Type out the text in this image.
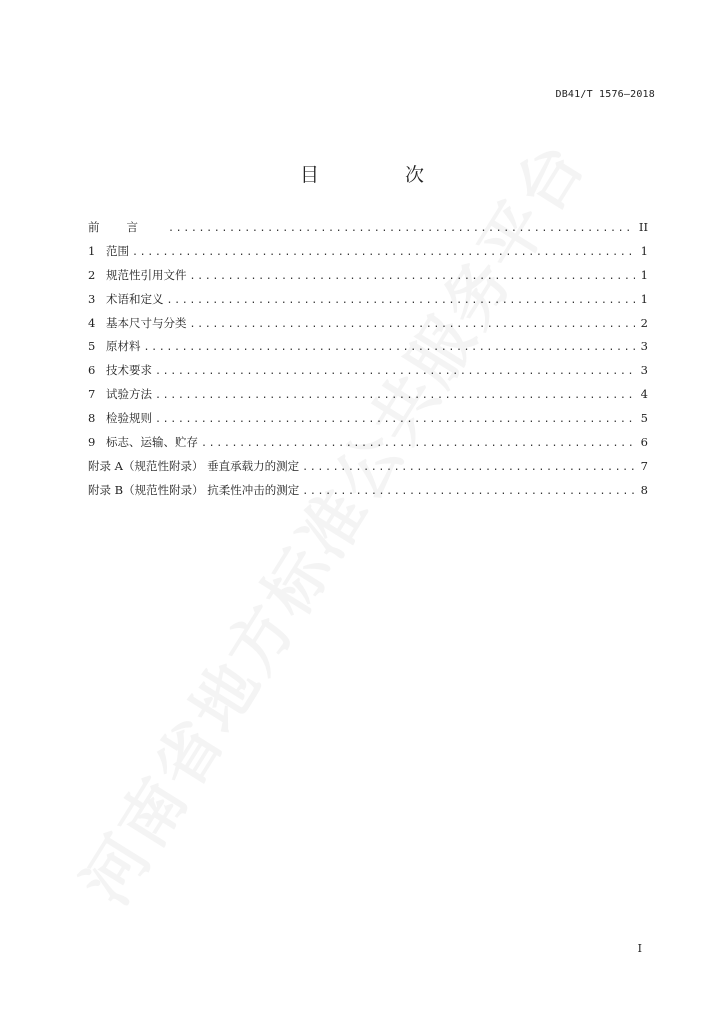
DB41/T 1576—2018
目 次
前言 .....	II
1 范围 .....	1
2 规范性引用文件 .....	1
3 术语和定义 .....	1
4 基本尺寸与分类 .....	2
5 原材料 .....	3
6 技术要求 .....	3
7 试验方法 .....	4
8 检验规则 .....	5
9 标志、运输、贮存 .....	6
附录 A（规范性附录） 垂直承载力的测定 .....	7
附录 B（规范性附录） 抗柔性冲击的测定 .....	8
I
